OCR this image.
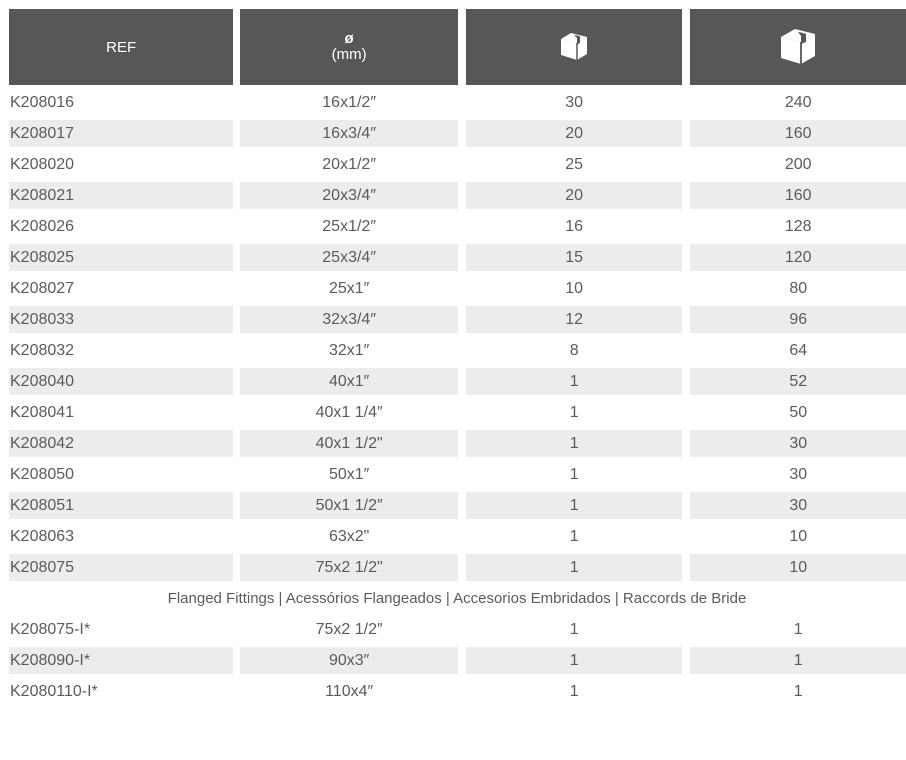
REF	ø
(mm)
K208016	16x1/2″	30	240
K208017	16x3/4″	20	160
K208020	20x1/2″	25	200
K208021	20x3/4″	20	160
K208026	25x1/2″	16	128
K208025	25x3/4″	15	120
K208027	25x1″	10	80
K208033	32x3/4″	12	96
K208032	32x1″	8	64
K208040	40x1″	1	52
K208041	40x1 1/4″	1	50
K208042	40x1 1/2"	1	30
K208050	50x1″	1	30
K208051	50x1 1/2″	1	30
K208063	63x2"	1	10
K208075	75x2 1/2"	1	10
Flanged Fittings | Acessórios Flangeados | Accesorios Embridados | Raccords de Bride
K208075-I*	75x2 1/2″	1	1
K208090-I*	90x3″	1	1
K2080110-I*	110x4″	1	1
